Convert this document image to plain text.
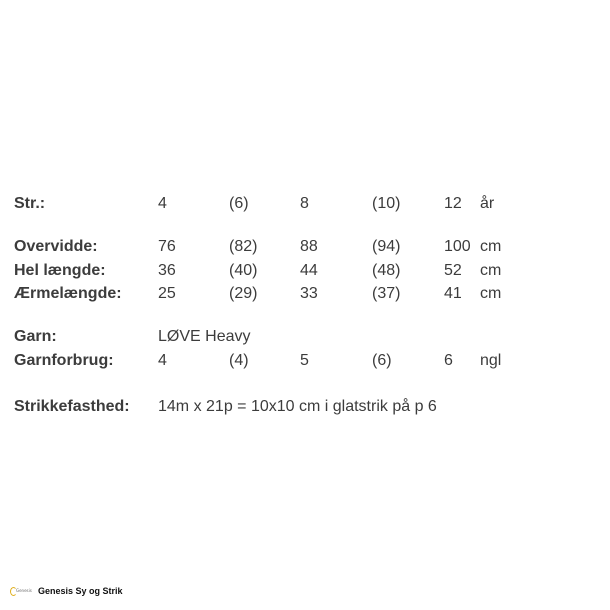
Str.:	4	(6)	8	(10)	12 år
Overvidde:	76	(82)	88	(94)	100 cm
Hel længde:	36	(40)	44	(48)	52 cm
Ærmelængde: 25	(29)	33	(37)	41 cm
Garn:	LØVE Heavy
Garnforbrug:	4	(4)	5	(6)	6 ngl
Strikkefasthed: 14m x 21p = 10x10 cm i glatstrik på p 6
Genesis Genesis Sy og Strik
